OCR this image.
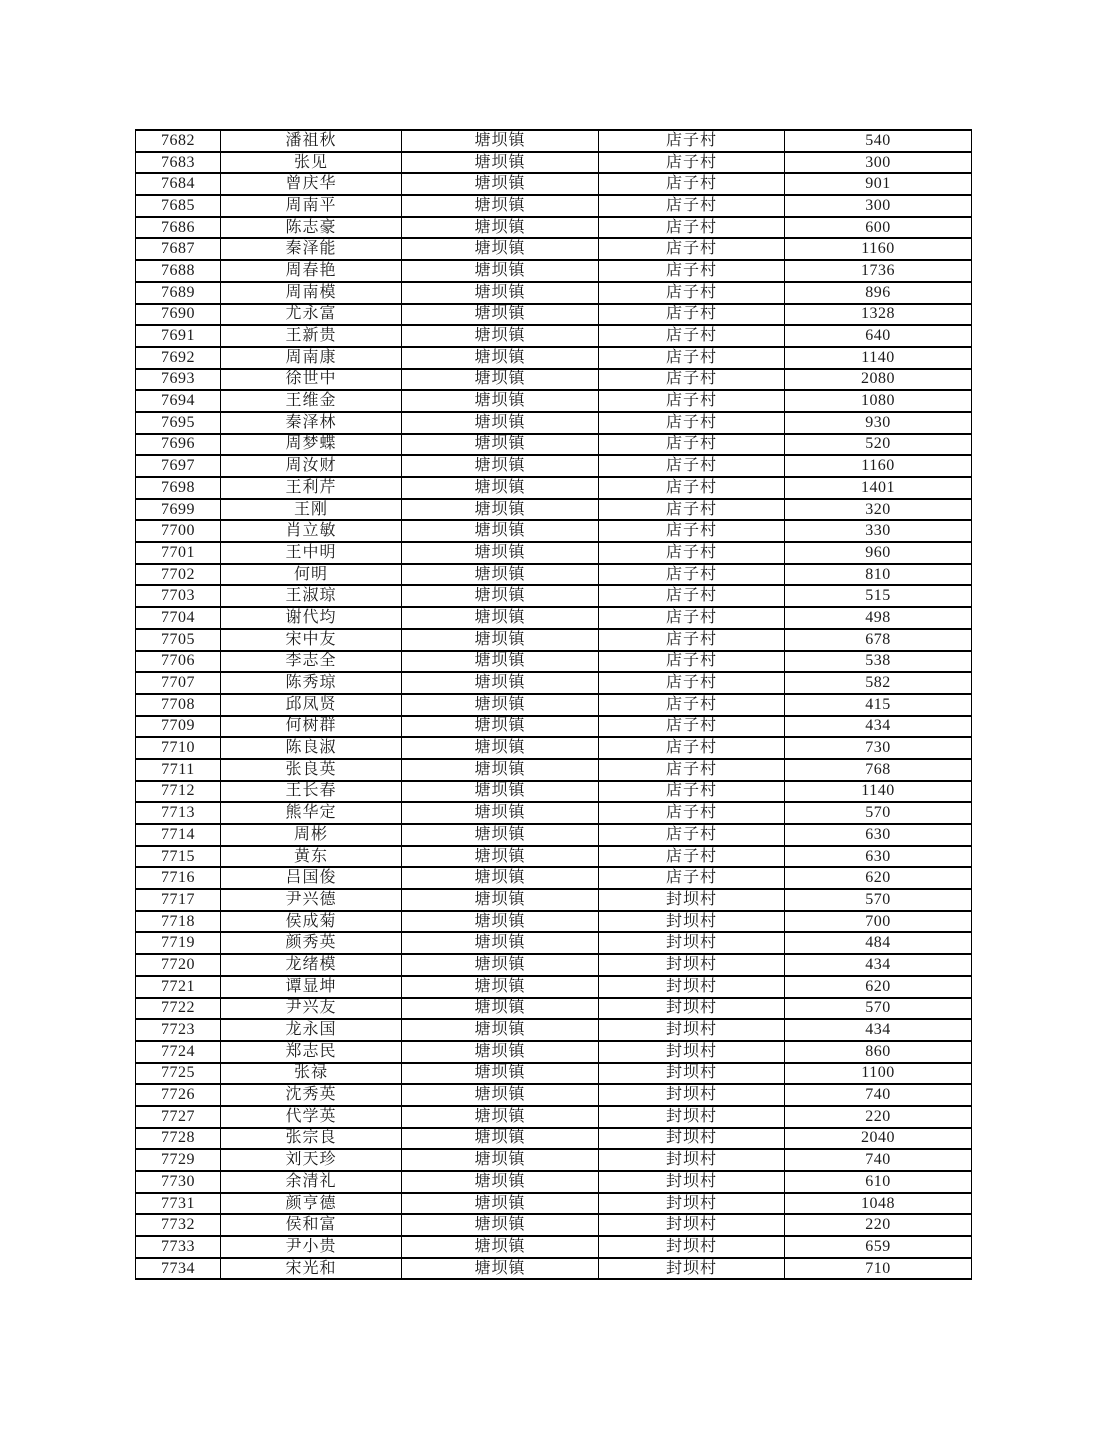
7682	潘祖秋	塘坝镇	店子村	540
7683	张见	塘坝镇	店子村	300
7684	曾庆华	塘坝镇	店子村	901
7685	周南平	塘坝镇	店子村	300
7686	陈志豪	塘坝镇	店子村	600
7687	秦泽能	塘坝镇	店子村	1160
7688	周春艳	塘坝镇	店子村	1736
7689	周南模	塘坝镇	店子村	896
7690	尤永富	塘坝镇	店子村	1328
7691	王新贵	塘坝镇	店子村	640
7692	周南康	塘坝镇	店子村	1140
7693	徐世中	塘坝镇	店子村	2080
7694	王维金	塘坝镇	店子村	1080
7695	秦泽林	塘坝镇	店子村	930
7696	周梦蝶	塘坝镇	店子村	520
7697	周汝财	塘坝镇	店子村	1160
7698	王利芹	塘坝镇	店子村	1401
7699	王刚	塘坝镇	店子村	320
7700	肖立敏	塘坝镇	店子村	330
7701	王中明	塘坝镇	店子村	960
7702	何明	塘坝镇	店子村	810
7703	王淑琼	塘坝镇	店子村	515
7704	谢代均	塘坝镇	店子村	498
7705	宋中友	塘坝镇	店子村	678
7706	李志全	塘坝镇	店子村	538
7707	陈秀琼	塘坝镇	店子村	582
7708	邱凤贤	塘坝镇	店子村	415
7709	何树群	塘坝镇	店子村	434
7710	陈良淑	塘坝镇	店子村	730
7711	张良英	塘坝镇	店子村	768
7712	王长春	塘坝镇	店子村	1140
7713	熊华定	塘坝镇	店子村	570
7714	周彬	塘坝镇	店子村	630
7715	黄东	塘坝镇	店子村	630
7716	吕国俊	塘坝镇	店子村	620
7717	尹兴德	塘坝镇	封坝村	570
7718	侯成菊	塘坝镇	封坝村	700
7719	颜秀英	塘坝镇	封坝村	484
7720	龙绪模	塘坝镇	封坝村	434
7721	谭显坤	塘坝镇	封坝村	620
7722	尹兴友	塘坝镇	封坝村	570
7723	龙永国	塘坝镇	封坝村	434
7724	郑志民	塘坝镇	封坝村	860
7725	张禄	塘坝镇	封坝村	1100
7726	沈秀英	塘坝镇	封坝村	740
7727	代学英	塘坝镇	封坝村	220
7728	张宗良	塘坝镇	封坝村	2040
7729	刘天珍	塘坝镇	封坝村	740
7730	余清礼	塘坝镇	封坝村	610
7731	颜亨德	塘坝镇	封坝村	1048
7732	侯和富	塘坝镇	封坝村	220
7733	尹小贵	塘坝镇	封坝村	659
7734	宋光和	塘坝镇	封坝村	710
